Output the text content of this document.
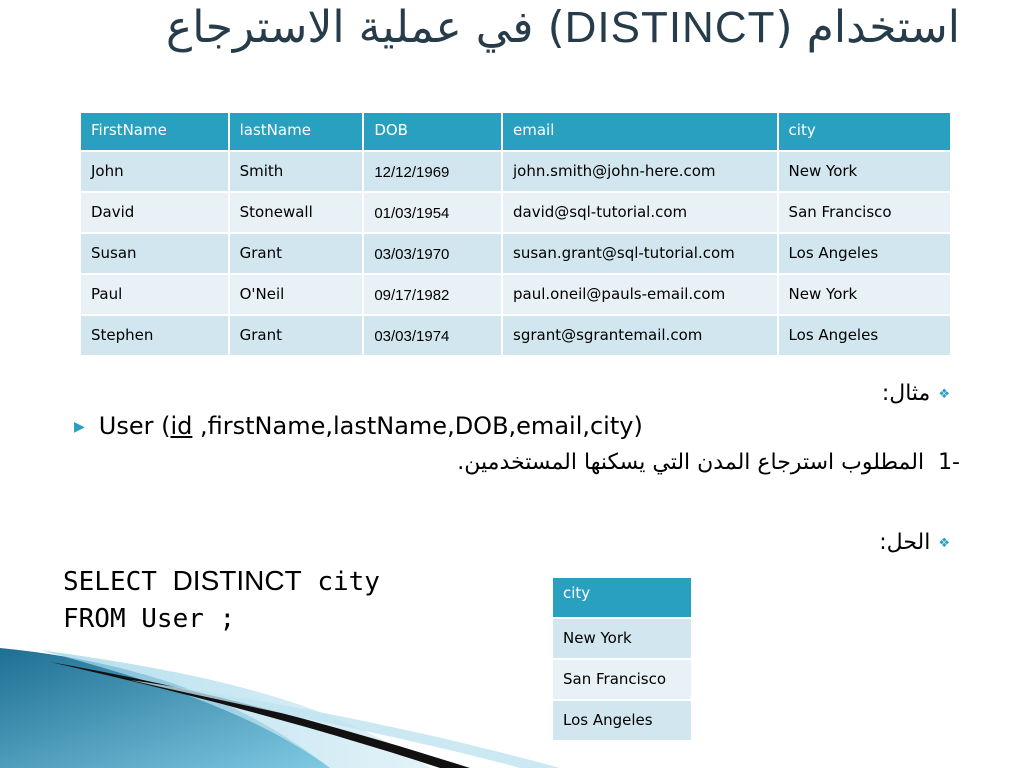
استخدام (DISTINCT) في عملية الاسترجاع
FirstName	lastName	DOB	email	city
John	Smith	12/12/1969	john.smith@john-here.com	New York
David	Stonewall	01/03/1954	david@sql-tutorial.com	San Francisco
Susan	Grant	03/03/1970	susan.grant@sql-tutorial.com	Los Angeles
Paul	O'Neil	09/17/1982	paul.oneil@pauls-email.com	New York
Stephen	Grant	03/03/1974	sgrant@sgrantemail.com	Los Angeles
❖مثال:
▶ User (id ,firstName,lastName,DOB,email,city)
1-المطلوب استرجاع المدن التي يسكنها المستخدمين.
❖الحل:
SELECT DISTINCT city
FROM User ;
city
New York
San Francisco
Los Angeles
